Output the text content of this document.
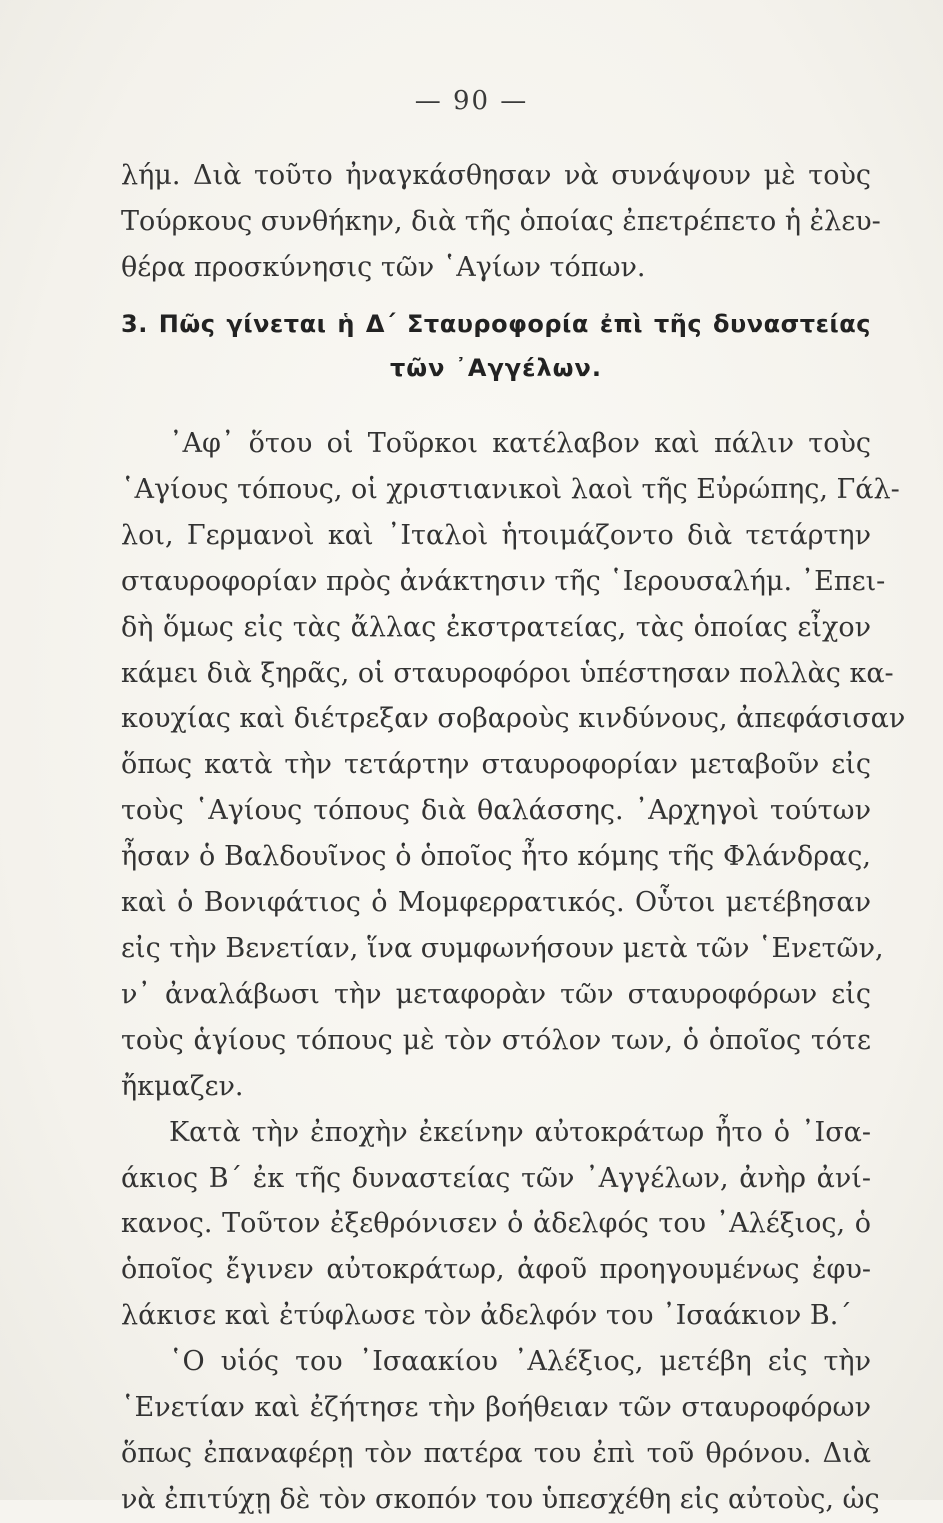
— 90 —
λήμ. Διὰ τοῦτο ἠναγκάσθησαν νὰ συνάψουν μὲ τοὺς
Τούρκους συνθήκην, διὰ τῆς ὁποίας ἐπετρέπετο ἡ ἐλευ-
θέρα προσκύνησις τῶν ῾Αγίων τόπων.
3. Πῶς γίνεται ἡ Δ΄ Σταυροφορία ἐπὶ τῆς δυναστείας
τῶν ᾿Αγγέλων.
᾿Αφ᾿ ὅτου οἱ Τοῦρκοι κατέλαβον καὶ πάλιν τοὺς
῾Αγίους τόπους, οἱ χριστιανικοὶ λαοὶ τῆς Εὐρώπης, Γάλ-
λοι, Γερμανοὶ καὶ ᾿Ιταλοὶ ἡτοιμάζοντο διὰ τετάρτην
σταυροφορίαν πρὸς ἀνάκτησιν τῆς ῾Ιερουσαλήμ. ᾿Επει-
δὴ ὅμως εἰς τὰς ἄλλας ἐκστρατείας, τὰς ὁποίας εἶχον
κάμει διὰ ξηρᾶς, οἱ σταυροφόροι ὑπέστησαν πολλὰς κα-
κουχίας καὶ διέτρεξαν σοβαροὺς κινδύνους, ἀπεφάσισαν
ὅπως κατὰ τὴν τετάρτην σταυροφορίαν μεταβοῦν εἰς
τοὺς ῾Αγίους τόπους διὰ θαλάσσης. ᾿Αρχηγοὶ τούτων
ἦσαν ὁ Βαλδουῖνος ὁ ὁποῖος ἦτο κόμης τῆς Φλάνδρας,
καὶ ὁ Βονιφάτιος ὁ Μομφερρατικός. Οὗτοι μετέβησαν
εἰς τὴν Βενετίαν, ἵνα συμφωνήσουν μετὰ τῶν ῾Ενετῶν,
ν᾿ ἀναλάβωσι τὴν μεταφορὰν τῶν σταυροφόρων εἰς
τοὺς ἁγίους τόπους μὲ τὸν στόλον των, ὁ ὁποῖος τότε
ἤκμαζεν.
Κατὰ τὴν ἐποχὴν ἐκείνην αὐτοκράτωρ ἦτο ὁ ᾿Ισα-
άκιος Β΄ ἐκ τῆς δυναστείας τῶν ᾿Αγγέλων, ἀνὴρ ἀνί-
κανος. Τοῦτον ἐξεθρόνισεν ὁ ἀδελφός του ᾿Αλέξιος, ὁ
ὁποῖος ἔγινεν αὐτοκράτωρ, ἀφοῦ προηγουμένως ἐφυ-
λάκισε καὶ ἐτύφλωσε τὸν ἀδελφόν του ᾿Ισαάκιον Β.΄
῾Ο υἱός του ᾿Ισαακίου ᾿Αλέξιος, μετέβη εἰς τὴν
῾Ενετίαν καὶ ἐζήτησε τὴν βοήθειαν τῶν σταυροφόρων
ὅπως ἐπαναφέρῃ τὸν πατέρα του ἐπὶ τοῦ θρόνου. Διὰ
νὰ ἐπιτύχῃ δὲ τὸν σκοπόν του ὑπεσχέθη εἰς αὐτοὺς, ὡς
